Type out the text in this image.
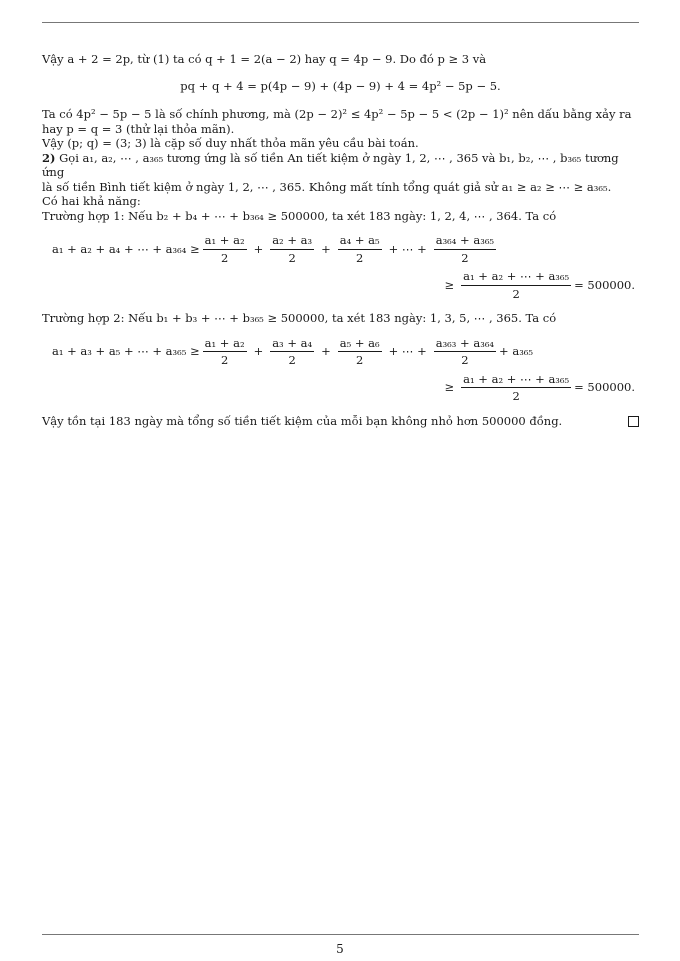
Vậy a + 2 = 2p, từ (1) ta có q + 1 = 2(a − 2) hay q = 4p − 9. Do đó p ≥ 3 và

pq + q + 4 = p(4p − 9) + (4p − 9) + 4 = 4p² − 5p − 5.

Ta có 4p² − 5p − 5 là số chính phương, mà (2p − 2)² ≤ 4p² − 5p − 5 < (2p − 1)² nên dấu bằng xảy ra

hay p = q = 3 (thử lại thỏa mãn).

Vậy (p; q) = (3; 3) là cặp số duy nhất thỏa mãn yêu cầu bài toán.

2) Gọi a₁, a₂, ⋯ , a₃₆₅ tương ứng là số tiền An tiết kiệm ở ngày 1, 2, ⋯ , 365 và b₁, b₂, ⋯ , b₃₆₅ tương ứng

là số tiền Bình tiết kiệm ở ngày 1, 2, ⋯ , 365. Không mất tính tổng quát giả sử a₁ ≥ a₂ ≥ ⋯ ≥ a₃₆₅.

Có hai khả năng:

Trường hợp 1: Nếu b₂ + b₄ + ⋯ + b₃₆₄ ≥ 500000, ta xét 183 ngày: 1, 2, 4, ⋯ , 364. Ta có

a₁ + a₂ + a₄ + ⋯ + $a_{364} \ge \frac{\text{a₁ + a₂}}{2} + \frac{\text{a₂ + a₃}}{2} + \frac{\text{a₄ + a₅}}{2}$ + ⋯ + $\frac{\text{a₃₆₄ + a₃₆₅}}{2}$
≥ $\frac{\text{a₁ + a₂ + ⋯ + a₃₆₅}}{2} = 500000$.

Trường hợp 2: Nếu b₁ + b₃ + ⋯ + b₃₆₅ ≥ 500000, ta xét 183 ngày: 1, 3, 5, ⋯ , 365. Ta có

a₁ + a₃ + a₅ + ⋯ + $a_{365} \ge \frac{\text{a₁ + a₂}}{2} + \frac{\text{a₃ + a₄}}{2} + \frac{\text{a₅ + a₆}}{2}$ + ⋯ + $\frac{\text{a₃₆₃ + a₃₆₄}}{2} + a_{365}$
≥ $\frac{\text{a₁ + a₂ + ⋯ + a₃₆₅}}{2} = 500000$.

Vậy tồn tại 183 ngày mà tổng số tiền tiết kiệm của mỗi bạn không nhỏ hơn 500000 đồng.

5
